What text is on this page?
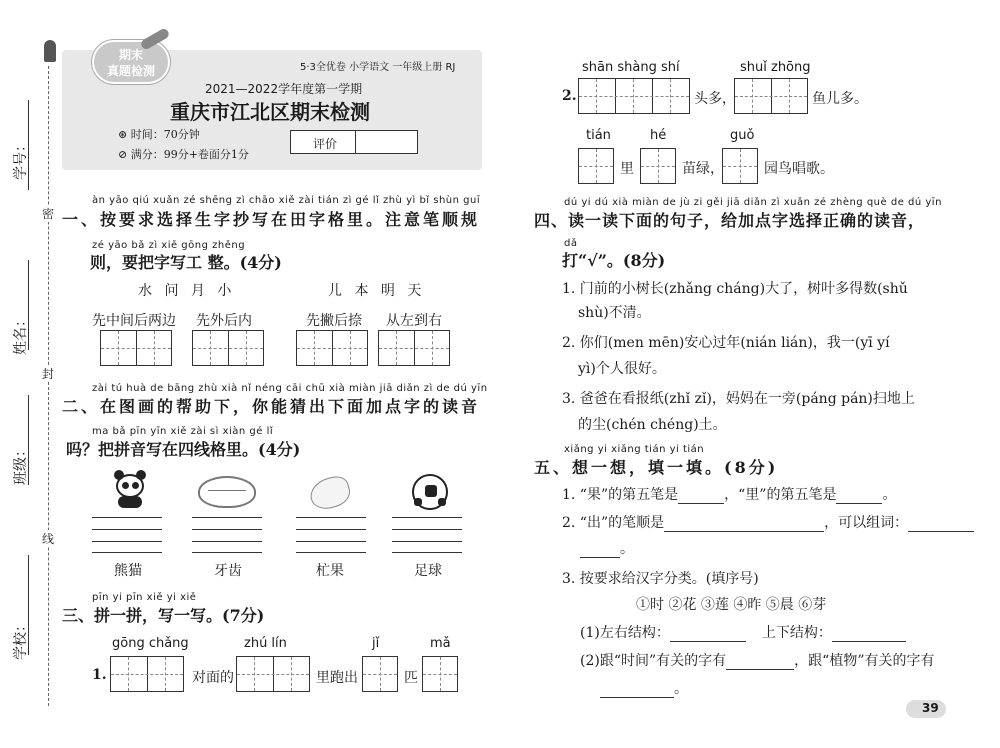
学号：
密
姓名：
封
班级：
线
学校：
期末
真题检测	5·3全优卷 小学语文 一年级上册 RJ
2021—2022学年度第一学期
重庆市江北区期末检测
⊛ 时间：70分钟
⊘ 满分：99分+卷面分1分
评价
àn yāo qiú xuǎn zé shēng zì chāo xiě zài tián zì gé lǐ zhù yì bǐ shùn guī
一、按要求选择生字抄写在田字格里。注意笔顺规
zé yāo bǎ zì xiě gōng zhěng
则，要把字写工 整。(4分)
水 问 月 小	儿 本 明 天
先中间后两边 先外后内	先撇后捺 从左到右
zài tú huà de bāng zhù xià nǐ néng cāi chū xià miàn jiā diǎn zì de dú yīn
二、在图画的帮助下，你能猜出下面加点字的读音
ma bǎ pīn yīn xiě zài sì xiàn gé lǐ
吗？把拼音写在四线格里。(4分)
熊猫	牙齿	杧果	足球
pīn yi pīn xiě yi xiě
三、拼一拼，写一写。(7分)
gōng chǎng	zhú lín	jǐ	mǎ
1.	对面的	里跑出	匹
shān shàng shí	shuǐ zhōng
2.	头多，	鱼儿多。
tián	hé	guǒ
里	苗绿，	园鸟唱歌。
dú yi dú xià miàn de jù zi gěi jiā diǎn zì xuǎn zé zhèng què de dú yīn
四、读一读下面的句子，给加点字选择正确的读音，
dǎ
打“√”。(8分)
1. 门前的小树长(zhǎng cháng)大了，树叶多得数(shǔ
shù)不清。
2. 你们(men mēn)安心过年(nián lián)，我一(yī yí
yì)个人很好。
3. 爸爸在看报纸(zhǐ zǐ)，妈妈在一旁(páng pán)扫地上
的尘(chén chéng)土。
xiǎng yi xiǎng tián yi tián
五、想一想，填一填。(8分)
1. “果”的第五笔是	，“里”的第五笔是	。
2. “出”的笔顺是	，可以组词：
。
3. 按要求给汉字分类。(填序号)
①时 ②花 ③莲 ④昨 ⑤晨 ⑥芽
(1)左右结构：	上下结构：
(2)跟“时间”有关的字有	，跟“植物”有关的字有
。
39
